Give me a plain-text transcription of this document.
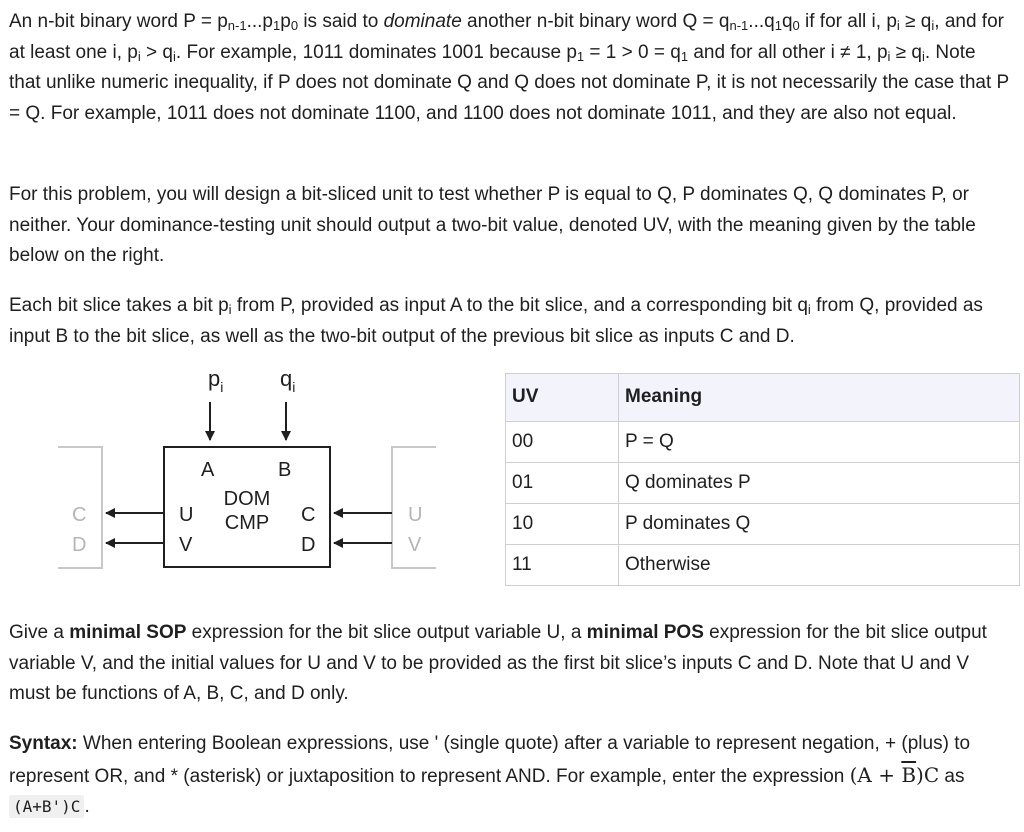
An n-bit binary word $P = p_{n-1}...p_1p_0$ is said to dominate another n-bit binary word $Q = q_{n-1}...q_1q_0$ if for all i, $p_i \ge q_i$, and for at least one i, $p_i > q_i$. For example, 1011 dominates 1001 because $p_1 = 1 > 0 = q_1$ and for all other i ≠ 1, $p_i \ge q_i$. Note that unlike numeric inequality, if P does not dominate Q and Q does not dominate P, it is not necessarily the case that P = Q. For example, 1011 does not dominate 1100, and 1100 does not dominate 1011, and they are also not equal.

For this problem, you will design a bit-sliced unit to test whether P is equal to Q, P dominates Q, Q dominates P, or neither. Your dominance-testing unit should output a two-bit value, denoted UV, with the meaning given by the table below on the right.

Each bit slice takes a bit $p_i$ from P, provided as input A to the bit slice, and a corresponding bit $q_i$ from Q, provided as input B to the bit slice, as well as the two-bit output of the previous bit slice as inputs C and D.

$p_i$	$q_i$
A	B
DOM
CMP
U
V
C
D
C
D
U
V
UV	Meaning
00	P = Q
01	Q dominates P
10	P dominates Q
11	Otherwise

Give a minimal SOP expression for the bit slice output variable U, a minimal POS expression for the bit slice output variable V, and the initial values for U and V to be provided as the first bit slice’s inputs C and D. Note that U and V must be functions of A, B, C, and D only.

Syntax: When entering Boolean expressions, use ' (single quote) after a variable to represent negation, + (plus) to represent OR, and * (asterisk) or juxtaposition to represent AND. For example, enter the expression $(A + \overline{B})C$ as (A+B')C .
